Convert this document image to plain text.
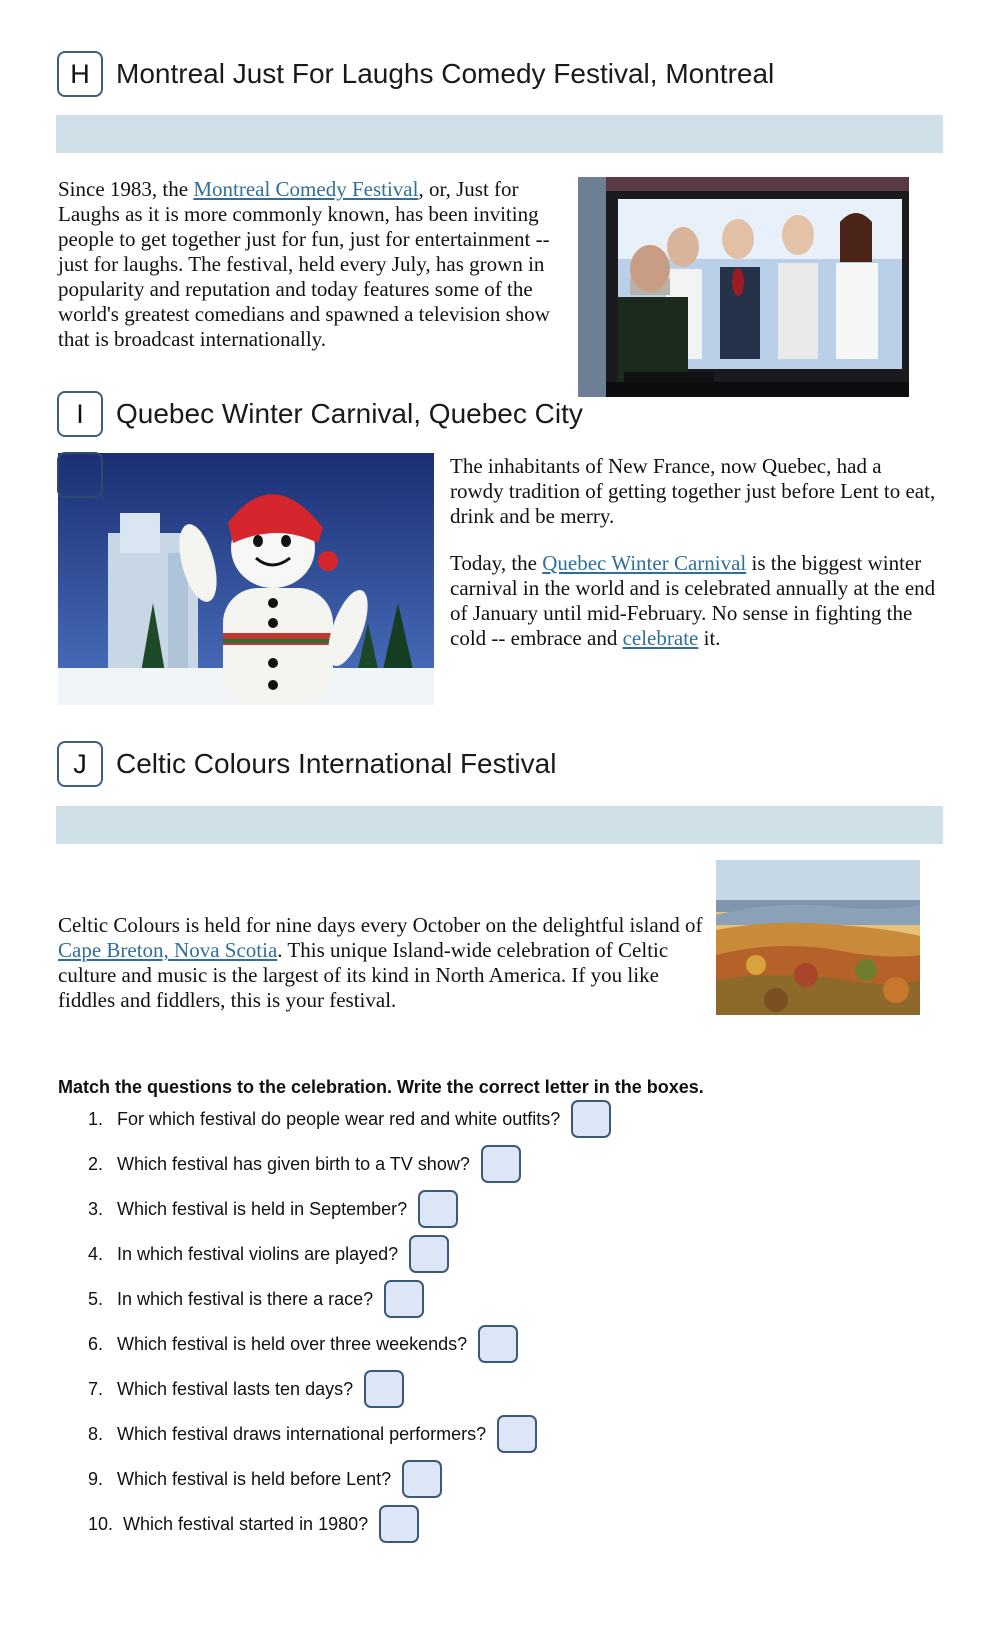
H Montreal Just For Laughs Comedy Festival, Montreal

Since 1983, the Montreal Comedy Festival, or, Just for Laughs as it is more commonly known, has been inviting people to get together just for fun, just for entertainment -- just for laughs. The festival, held every July, has grown in popularity and reputation and today features some of the world's greatest comedians and spawned a television show that is broadcast internationally.

I Quebec Winter Carnival, Quebec City

The inhabitants of New France, now Quebec, had a rowdy tradition of getting together just before Lent to eat, drink and be merry.

Today, the Quebec Winter Carnival is the biggest winter carnival in the world and is celebrated annually at the end of January until mid-February. No sense in fighting the cold -- embrace and celebrate it.

J Celtic Colours International Festival

Celtic Colours is held for nine days every October on the delightful island of Cape Breton, Nova Scotia. This unique Island-wide celebration of Celtic culture and music is the largest of its kind in North America. If you like fiddles and fiddlers, this is your festival.

Match the questions to the celebration. Write the correct letter in the boxes.
1. For which festival do people wear red and white outfits?
2. Which festival has given birth to a TV show?
3. Which festival is held in September?
4. In which festival violins are played?
5. In which festival is there a race?
6. Which festival is held over three weekends?
7. Which festival lasts ten days?
8. Which festival draws international performers?
9. Which festival is held before Lent?
10. Which festival started in 1980?
